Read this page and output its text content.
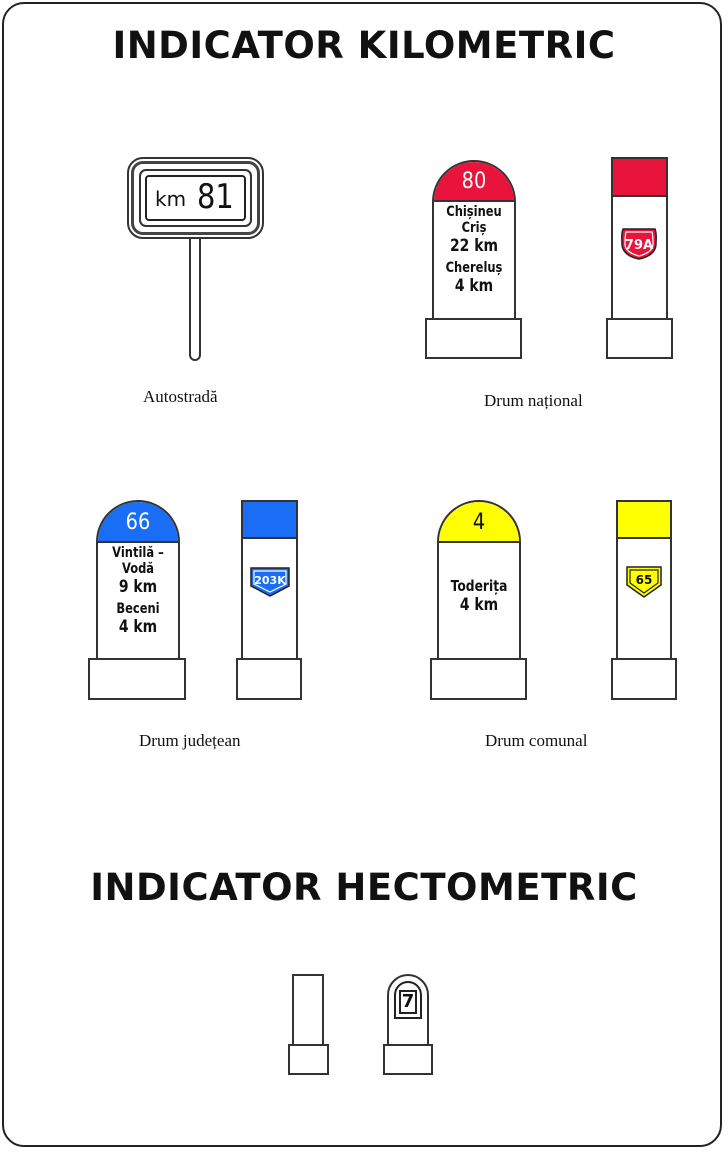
INDICATOR KILOMETRIC
INDICATOR HECTOMETRIC
km 81
Autostradă
80
Chișineu
Criș
22 km
Chereluș
4 km
79A
Drum național
66
Vintilă –
Vodă
9 km
Beceni
4 km
203K
Drum județean
4
Toderița
4 km
65
Drum comunal
7
